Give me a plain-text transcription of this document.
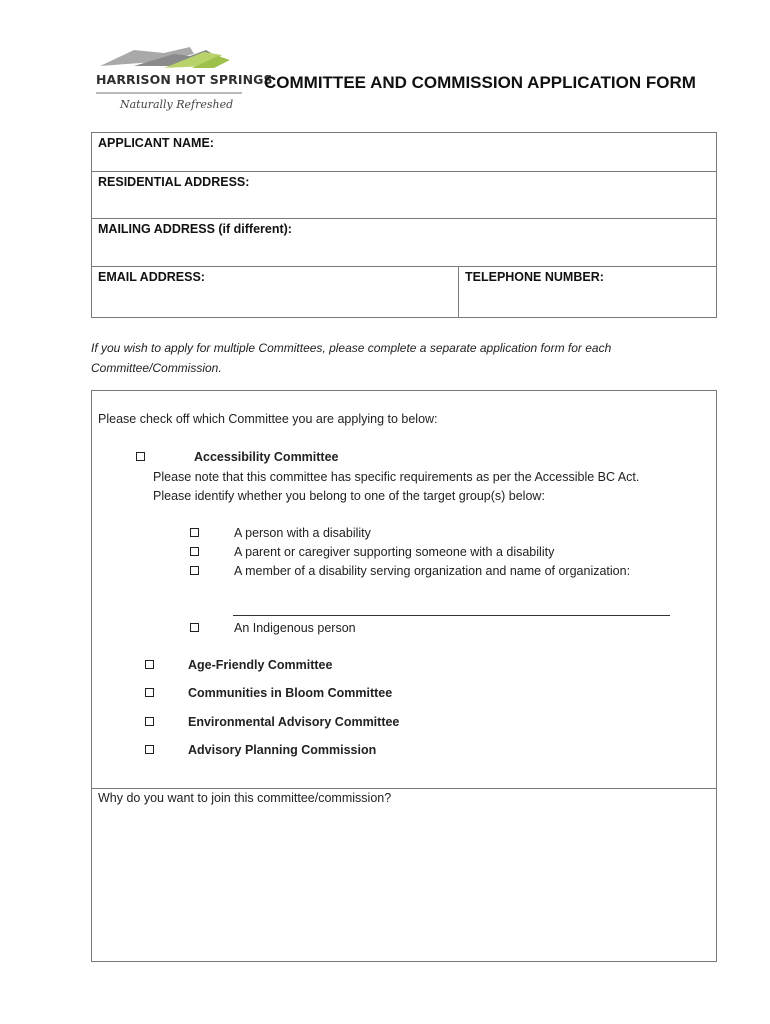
HARRISON HOT SPRINGS
Naturally Refreshed
COMMITTEE AND COMMISSION APPLICATION FORM
APPLICANT NAME:
RESIDENTIAL ADDRESS:
MAILING ADDRESS (if different):
EMAIL ADDRESS:	TELEPHONE NUMBER:
If you wish to apply for multiple Committees, please complete a separate application form for each Committee/Commission.
Please check off which Committee you are applying to below:
Accessibility Committee
Please note that this committee has specific requirements as per the Accessible BC Act.
Please identify whether you belong to one of the target group(s) below:
A person with a disability
A parent or caregiver supporting someone with a disability
A member of a disability serving organization and name of organization:
An Indigenous person
Age-Friendly Committee
Communities in Bloom Committee
Environmental Advisory Committee
Advisory Planning Commission
Why do you want to join this committee/commission?
